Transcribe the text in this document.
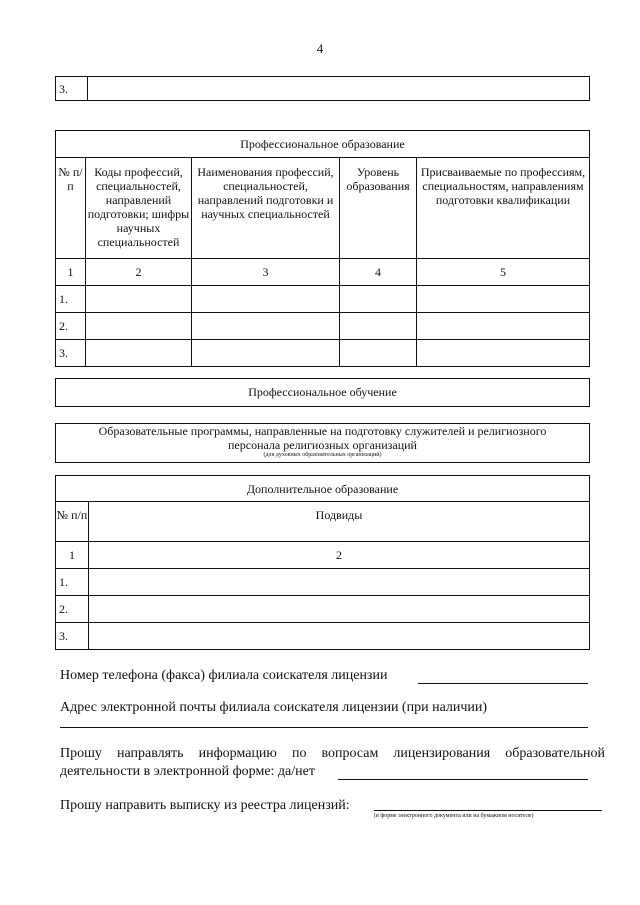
4
3.	
Профессиональное образование				
№ п/п	Коды профессий, специальностей, направлений подготовки; шифры научных специальностей	Наименования профессий, специальностей, направлений подготовки и научных специальностей	Уровень образования	Присваиваемые по профессиям, специальностям, направлениям подготовки квалификации
1	2	3	4	5
1.				
2.				
3.				
Профессиональное обучение
Образовательные программы, направленные на подготовку служителей и религиозного персонала религиозных организаций
(для духовных образовательных организаций)
Дополнительное образование	
№ п/п	Подвиды
1	2
1.	
2.	
3.	
Номер телефона (факса) филиала соискателя лицензии
Адрес электронной почты филиала соискателя лицензии (при наличии)
Прошу направлять информацию по вопросам лицензирования образовательной деятельности в электронной форме: да/нет
Прошу направить выписку из реестра лицензий:
(в форме электронного документа или на бумажном носителе)
